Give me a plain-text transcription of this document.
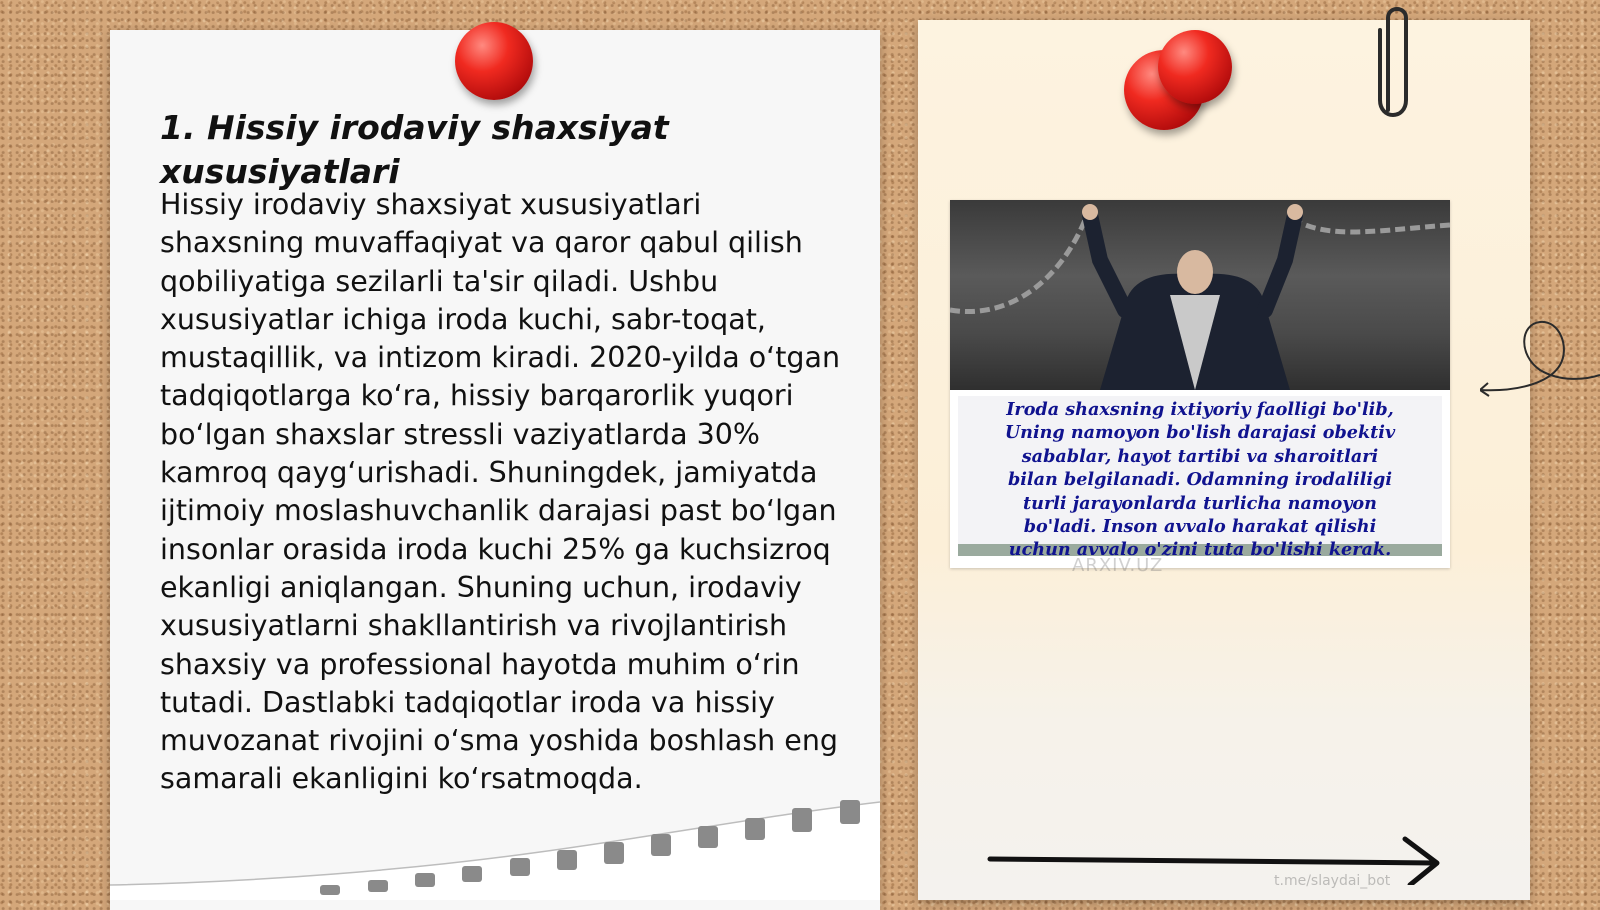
1. Hissiy irodaviy shaxsiyat xususiyatlari

Hissiy irodaviy shaxsiyat xususiyatlari shaxsning muvaffaqiyat va qaror qabul qilish qobiliyatiga sezilarli ta'sir qiladi. Ushbu xususiyatlar ichiga iroda kuchi, sabr-toqat, mustaqillik, va intizom kiradi. 2020-yilda o‘tgan tadqiqotlarga ko‘ra, hissiy barqarorlik yuqori bo‘lgan shaxslar stressli vaziyatlarda 30% kamroq qayg‘urishadi. Shuningdek, jamiyatda ijtimoiy moslashuvchanlik darajasi past bo‘lgan insonlar orasida iroda kuchi 25% ga kuchsizroq ekanligi aniqlangan. Shuning uchun, irodaviy xususiyatlarni shakllantirish va rivojlantirish shaxsiy va professional hayotda muhim o‘rin tutadi. Dastlabki tadqiqotlar iroda va hissiy muvozanat rivojini o‘sma yoshida boshlash eng samarali ekanligini ko‘rsatmoqda.

Iroda shaxsning ixtiyoriy faolligi bo'lib,
Uning namoyon bo'lish darajasi obektiv
sabablar, hayot tartibi va sharoitlari
bilan belgilanadi. Odamning irodaliligi
turli jarayonlarda turlicha namoyon
bo'ladi. Inson avvalo harakat qilishi
uchun avvalo o'zini tuta bo'lishi kerak.
ARXIV.UZ
t.me/slaydai_bot
